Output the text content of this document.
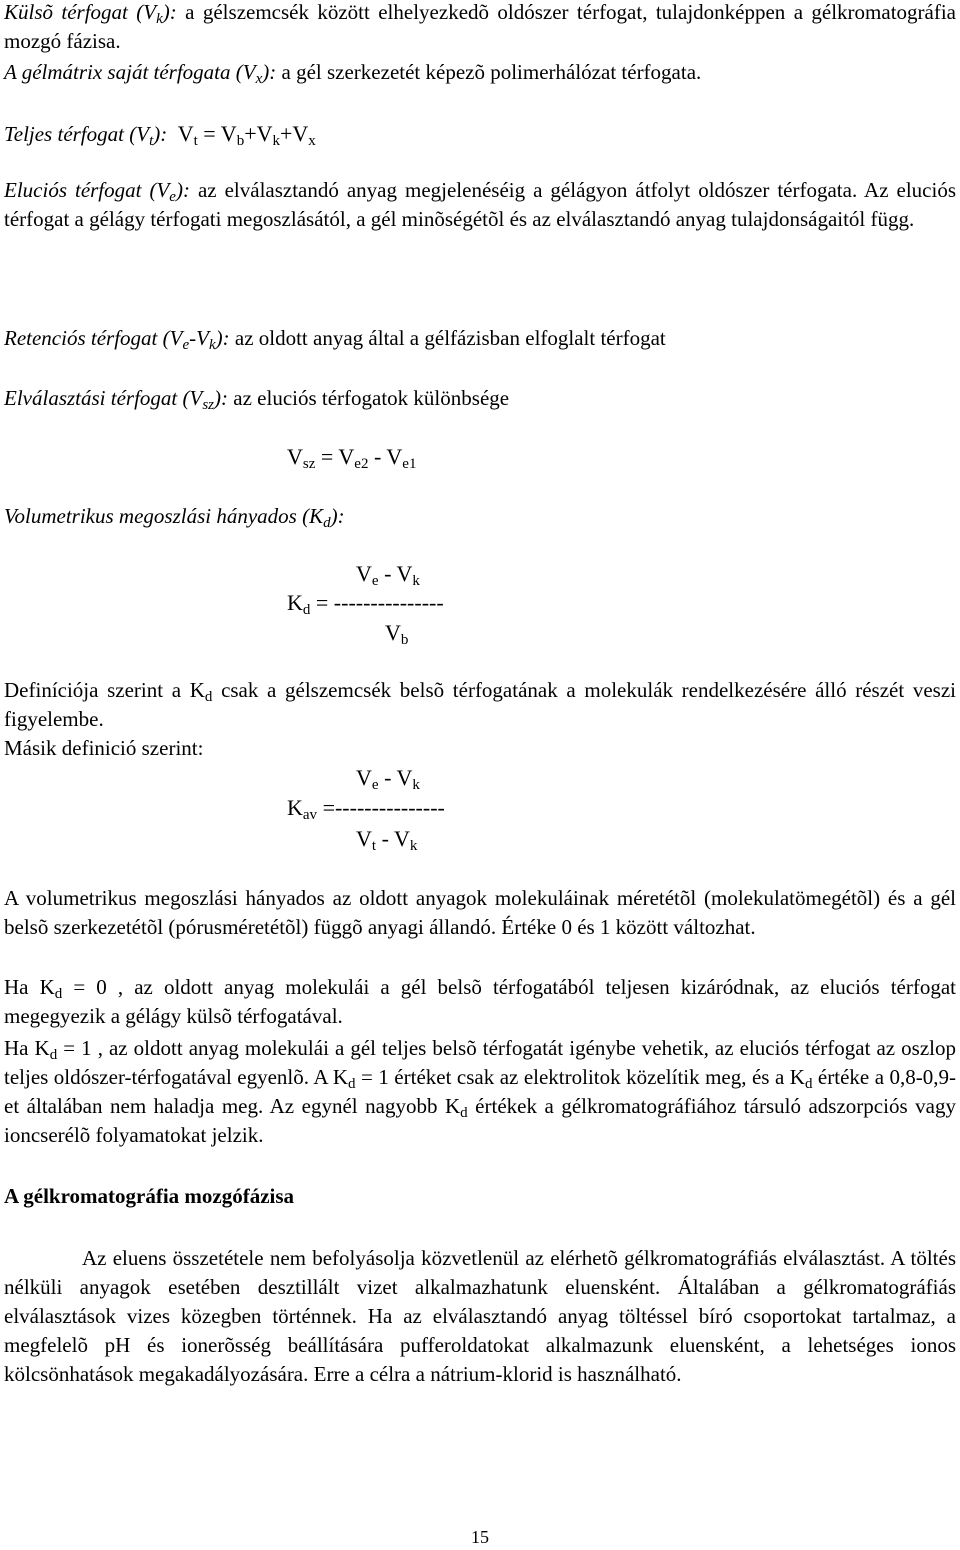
Külsõ térfogat $(V_k)$: a gélszemcsék között elhelyezkedõ oldószer térfogat, tulajdonképpen a gélkromatográfia mozgó fázisa.

A gélmátrix saját térfogata $(V_x)$: a gél szerkezetét képezõ polimerhálózat térfogata.

Teljes térfogat $(V_t)$: $V_t = V_b+V_k+V_x$

Eluciós térfogat $(V_e)$: az elválasztandó anyag megjelenéséig a gélágyon átfolyt oldószer térfogata. Az eluciós térfogat a gélágy térfogati megoszlásától, a gél minõségétõl és az elválasztandó anyag tulajdonságaitól függ.

Retenciós térfogat $(V_e-V_k)$: az oldott anyag által a gélfázisban elfoglalt térfogat

Elválasztási térfogat $(V_{sz})$: az eluciós térfogatok különbsége

$V_{sz} = V_{e2} - V_{e1}$

Volumetrikus megoszlási hányados $(K_d)$:

$V_e - V_k$
$K_d$ = ---------------
$V_b$

Definíciója szerint a $K_d$ csak a gélszemcsék belsõ térfogatának a molekulák rendelkezésére álló részét veszi figyelembe.

Másik definició szerint:

$V_e - V_k$
$K_{av}$ =---------------
$V_t - V_k$

A volumetrikus megoszlási hányados az oldott anyagok molekuláinak méretétõl (molekulatömegétõl) és a gél belsõ szerkezetétõl (pórusméretétõl) függõ anyagi állandó. Értéke 0 és 1 között változhat.

Ha $K_d = 0$ , az oldott anyag molekulái a gél belsõ térfogatából teljesen kizáródnak, az eluciós térfogat megegyezik a gélágy külsõ térfogatával.

Ha $K_d = 1$ , az oldott anyag molekulái a gél teljes belsõ térfogatát igénybe vehetik, az eluciós térfogat az oszlop teljes oldószer-térfogatával egyenlõ. A $K_d = 1$ értéket csak az elektrolitok közelítik meg, és a $K_d$ értéke a 0,8-0,9-et általában nem haladja meg. Az egynél nagyobb $K_d$ értékek a gélkromatográfiához társuló adszorpciós vagy ioncserélõ folyamatokat jelzik.

A gélkromatográfia mozgófázisa

Az eluens összetétele nem befolyásolja közvetlenül az elérhetõ gélkromatográfiás elválasztást. A töltés nélküli anyagok esetében desztillált vizet alkalmazhatunk eluensként. Általában a gélkromatográfiás elválasztások vizes közegben történnek. Ha az elválasztandó anyag töltéssel bíró csoportokat tartalmaz, a megfelelõ pH és ionerõsség beállítására pufferoldatokat alkalmazunk eluensként, a lehetséges ionos kölcsönhatások megakadályozására. Erre a célra a nátrium-klorid is használható.

15
